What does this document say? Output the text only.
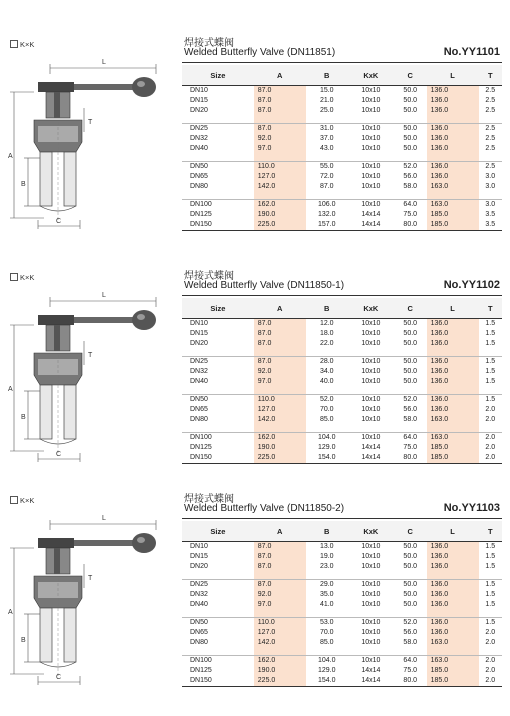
K×K
L
T
A
B
C
焊接式蝶阀
Welded Butterfly Valve (DN11851)	No.YY1101
Size	A	B	KxK	C	L	T
DN10	87.0	15.0	10x10	50.0	136.0	2.5
DN15	87.0	21.0	10x10	50.0	136.0	2.5
DN20	87.0	25.0	10x10	50.0	136.0	2.5

DN25	87.0	31.0	10x10	50.0	136.0	2.5
DN32	92.0	37.0	10x10	50.0	136.0	2.5
DN40	97.0	43.0	10x10	50.0	136.0	2.5

DN50	110.0	55.0	10x10	52.0	136.0	2.5
DN65	127.0	72.0	10x10	56.0	136.0	3.0
DN80	142.0	87.0	10x10	58.0	163.0	3.0

DN100	162.0	106.0	10x10	64.0	163.0	3.0
DN125	190.0	132.0	14x14	75.0	185.0	3.5
DN150	225.0	157.0	14x14	80.0	185.0	3.5
K×K
L
T
A
B
C
焊接式蝶阀
Welded Butterfly Valve (DN11850-1)	No.YY1102
Size	A	B	KxK	C	L	T
DN10	87.0	12.0	10x10	50.0	136.0	1.5
DN15	87.0	18.0	10x10	50.0	136.0	1.5
DN20	87.0	22.0	10x10	50.0	136.0	1.5

DN25	87.0	28.0	10x10	50.0	136.0	1.5
DN32	92.0	34.0	10x10	50.0	136.0	1.5
DN40	97.0	40.0	10x10	50.0	136.0	1.5

DN50	110.0	52.0	10x10	52.0	136.0	1.5
DN65	127.0	70.0	10x10	56.0	136.0	2.0
DN80	142.0	85.0	10x10	58.0	163.0	2.0

DN100	162.0	104.0	10x10	64.0	163.0	2.0
DN125	190.0	129.0	14x14	75.0	185.0	2.0
DN150	225.0	154.0	14x14	80.0	185.0	2.0
K×K
L
T
A
B
C
焊接式蝶阀
Welded Butterfly Valve (DN11850-2)	No.YY1103
Size	A	B	KxK	C	L	T
DN10	87.0	13.0	10x10	50.0	136.0	1.5
DN15	87.0	19.0	10x10	50.0	136.0	1.5
DN20	87.0	23.0	10x10	50.0	136.0	1.5

DN25	87.0	29.0	10x10	50.0	136.0	1.5
DN32	92.0	35.0	10x10	50.0	136.0	1.5
DN40	97.0	41.0	10x10	50.0	136.0	1.5

DN50	110.0	53.0	10x10	52.0	136.0	1.5
DN65	127.0	70.0	10x10	56.0	136.0	2.0
DN80	142.0	85.0	10x10	58.0	163.0	2.0

DN100	162.0	104.0	10x10	64.0	163.0	2.0
DN125	190.0	129.0	14x14	75.0	185.0	2.0
DN150	225.0	154.0	14x14	80.0	185.0	2.0
